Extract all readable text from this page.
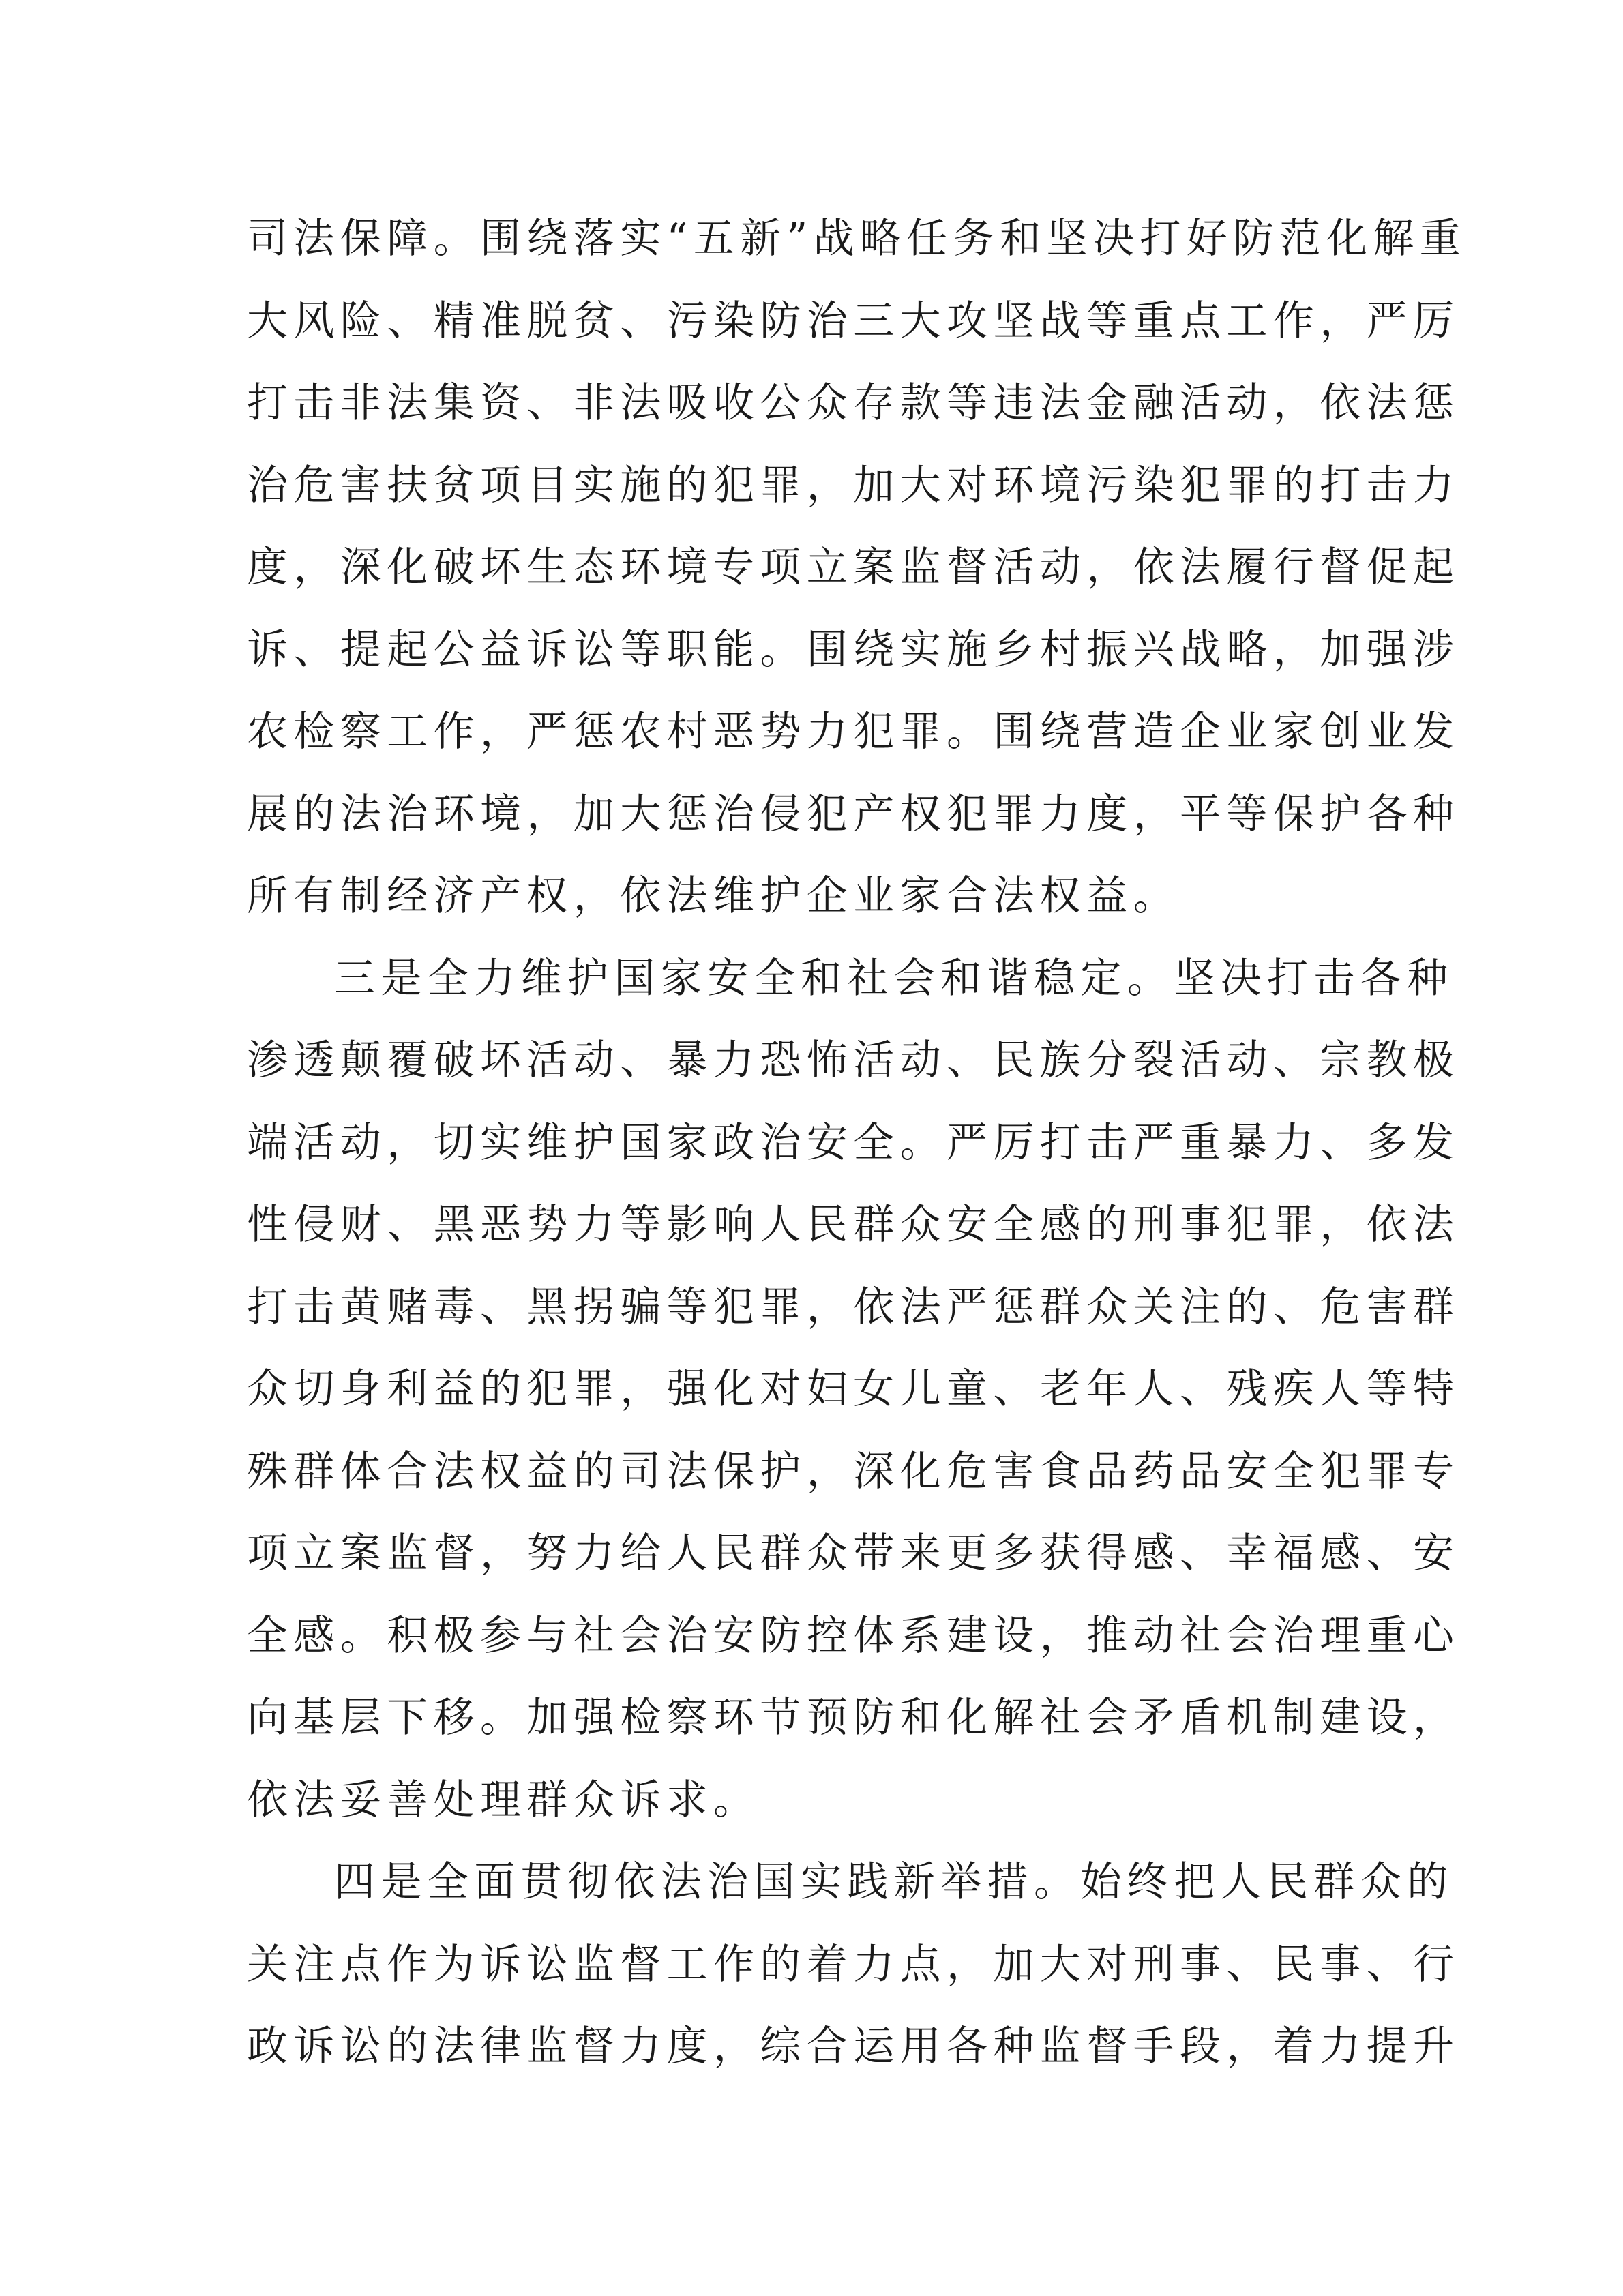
司法保障。围绕落实“五新”战略任务和坚决打好防范化解重
大风险、精准脱贫、污染防治三大攻坚战等重点工作，严厉
打击非法集资、非法吸收公众存款等违法金融活动，依法惩
治危害扶贫项目实施的犯罪，加大对环境污染犯罪的打击力
度，深化破坏生态环境专项立案监督活动，依法履行督促起
诉、提起公益诉讼等职能。围绕实施乡村振兴战略，加强涉
农检察工作，严惩农村恶势力犯罪。围绕营造企业家创业发
展的法治环境，加大惩治侵犯产权犯罪力度，平等保护各种
所有制经济产权，依法维护企业家合法权益。
三是全力维护国家安全和社会和谐稳定。坚决打击各种
渗透颠覆破坏活动、暴力恐怖活动、民族分裂活动、宗教极
端活动，切实维护国家政治安全。严厉打击严重暴力、多发
性侵财、黑恶势力等影响人民群众安全感的刑事犯罪，依法
打击黄赌毒、黑拐骗等犯罪，依法严惩群众关注的、危害群
众切身利益的犯罪，强化对妇女儿童、老年人、残疾人等特
殊群体合法权益的司法保护，深化危害食品药品安全犯罪专
项立案监督，努力给人民群众带来更多获得感、幸福感、安
全感。积极参与社会治安防控体系建设，推动社会治理重心
向基层下移。加强检察环节预防和化解社会矛盾机制建设，
依法妥善处理群众诉求。
四是全面贯彻依法治国实践新举措。始终把人民群众的
关注点作为诉讼监督工作的着力点，加大对刑事、民事、行
政诉讼的法律监督力度，综合运用各种监督手段，着力提升
